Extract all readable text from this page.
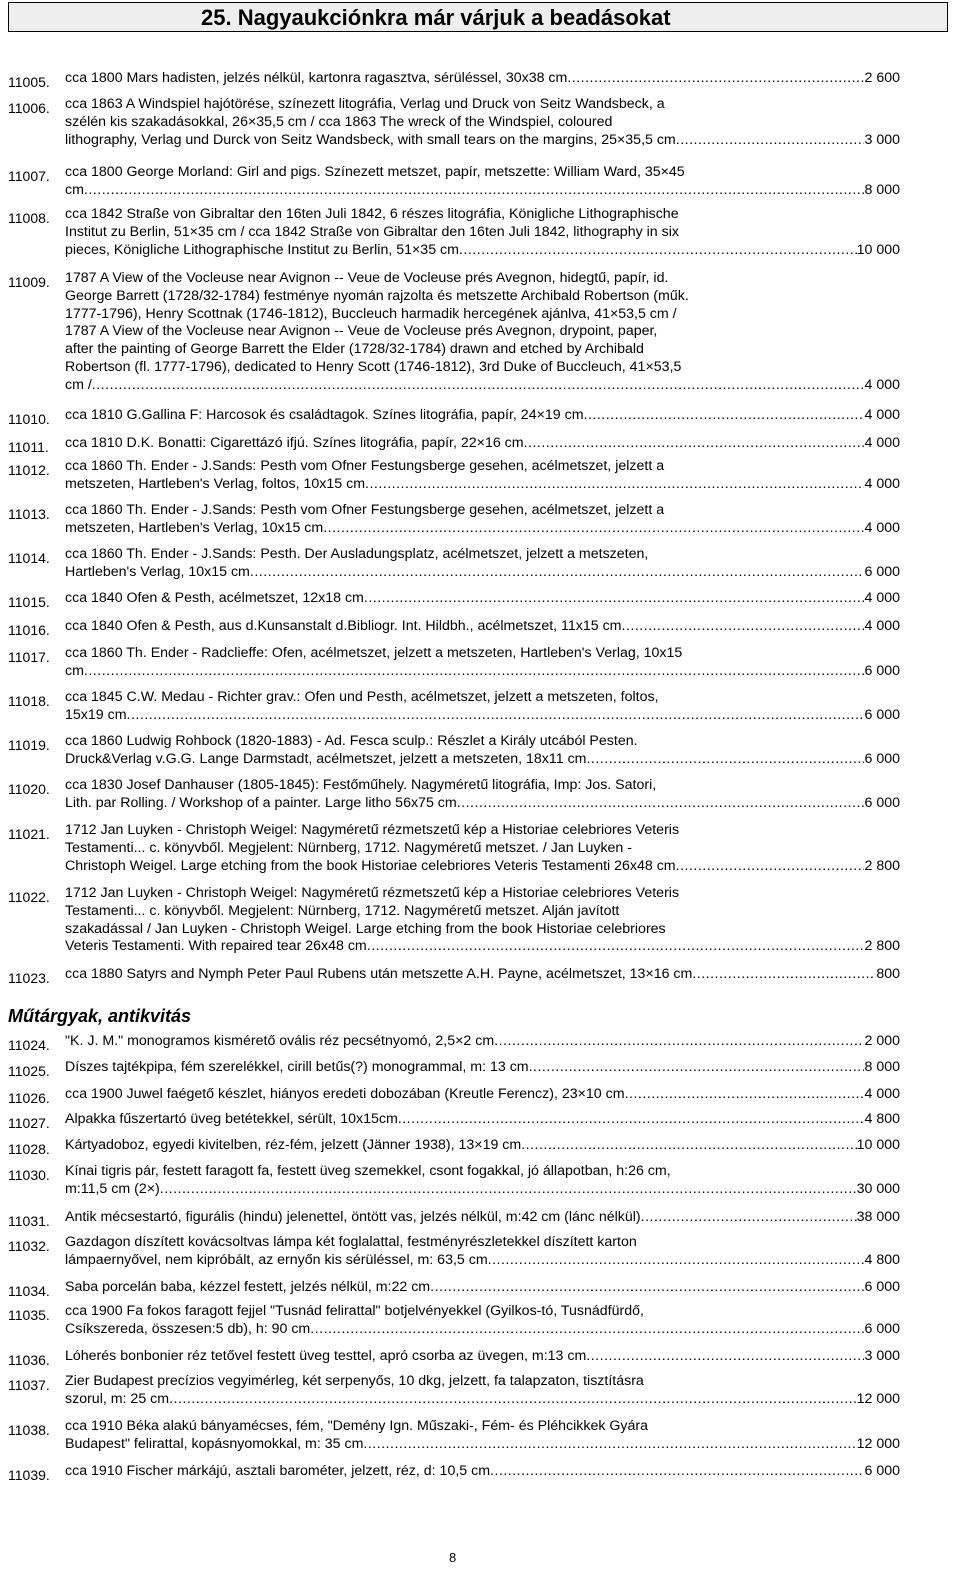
25. Nagyaukciónkra már várjuk a beadásokat
11005.	cca 1800 Mars hadisten, jelzés nélkül, kartonra ragasztva, sérüléssel, 30x38 cm .....	2 600
11006.	cca 1863 A Windspiel hajótörése, színezett litográfia, Verlag und Druck von Seitz Wandsbeck, a
szélén kis szakadásokkal, 26×35,5 cm / cca 1863 The wreck of the Windspiel, coloured
lithography, Verlag und Durck von Seitz Wandsbeck, with small tears on the margins, 25×35,5 cm .....	3 000
11007.	cca 1800 George Morland: Girl and pigs. Színezett metszet, papír, metszette: William Ward, 35×45
cm .....	8 000
11008.	cca 1842 Straße von Gibraltar den 16ten Juli 1842, 6 részes litográfia, Königliche Lithographische
Institut zu Berlin, 51×35 cm / cca 1842 Straße von Gibraltar den 16ten Juli 1842, lithography in six
pieces, Königliche Lithographische Institut zu Berlin, 51×35 cm .....	10 000
11009.	1787 A View of the Vocleuse near Avignon -- Veue de Vocleuse prés Avegnon, hidegtű, papír, id.
George Barrett (1728/32-1784) festménye nyomán rajzolta és metszette Archibald Robertson (műk.
1777-1796), Henry Scottnak (1746-1812), Buccleuch harmadik hercegének ajánlva, 41×53,5 cm /
1787 A View of the Vocleuse near Avignon -- Veue de Vocleuse prés Avegnon, drypoint, paper,
after the painting of George Barrett the Elder (1728/32-1784) drawn and etched by Archibald
Robertson (fl. 1777-1796), dedicated to Henry Scott (1746-1812), 3rd Duke of Buccleuch, 41×53,5
cm / .....	4 000
11010.	cca 1810 G.Gallina F: Harcosok és családtagok. Színes litográfia, papír, 24×19 cm .....	4 000
11011.	cca 1810 D.K. Bonatti: Cigarettázó ifjú. Színes litográfia, papír, 22×16 cm .....	4 000
11012.	cca 1860 Th. Ender - J.Sands: Pesth vom Ofner Festungsberge gesehen, acélmetszet, jelzett a
metszeten, Hartleben's Verlag, foltos, 10x15 cm .....	4 000
11013.	cca 1860 Th. Ender - J.Sands: Pesth vom Ofner Festungsberge gesehen, acélmetszet, jelzett a
metszeten, Hartleben's Verlag, 10x15 cm .....	4 000
11014.	cca 1860 Th. Ender - J.Sands: Pesth. Der Ausladungsplatz, acélmetszet, jelzett a metszeten,
Hartleben's Verlag, 10x15 cm .....	6 000
11015.	cca 1840 Ofen & Pesth, acélmetszet, 12x18 cm .....	4 000
11016.	cca 1840 Ofen & Pesth, aus d.Kunsanstalt d.Bibliogr. Int. Hildbh., acélmetszet, 11x15 cm .....	4 000
11017.	cca 1860 Th. Ender - Radclieffe: Ofen, acélmetszet, jelzett a metszeten, Hartleben's Verlag, 10x15
cm .....	6 000
11018.	cca 1845 C.W. Medau - Richter grav.: Ofen und Pesth, acélmetszet, jelzett a metszeten, foltos,
15x19 cm .....	6 000
11019.	cca 1860 Ludwig Rohbock (1820-1883) - Ad. Fesca sculp.: Részlet a Király utcából Pesten.
Druck&Verlag v.G.G. Lange Darmstadt, acélmetszet, jelzett a metszeten, 18x11 cm .....	6 000
11020.	cca 1830 Josef Danhauser (1805-1845): Festőműhely. Nagyméretű litográfia, Imp: Jos. Satori,
Lith. par Rolling. / Workshop of a painter. Large litho 56x75 cm .....	6 000
11021.	1712 Jan Luyken - Christoph Weigel: Nagyméretű rézmetszetű kép a Historiae celebriores Veteris
Testamenti... c. könyvből. Megjelent: Nürnberg, 1712. Nagyméretű metszet. / Jan Luyken -
Christoph Weigel. Large etching from the book Historiae celebriores Veteris Testamenti 26x48 cm .....	2 800
11022.	1712 Jan Luyken - Christoph Weigel: Nagyméretű rézmetszetű kép a Historiae celebriores Veteris
Testamenti... c. könyvből. Megjelent: Nürnberg, 1712. Nagyméretű metszet. Alján javított
szakadással / Jan Luyken - Christoph Weigel. Large etching from the book Historiae celebriores
Veteris Testamenti. With repaired tear 26x48 cm .....	2 800
11023.	cca 1880 Satyrs and Nymph Peter Paul Rubens után metszette A.H. Payne, acélmetszet, 13×16 cm .....	800
Műtárgyak, antikvitás
11024.	"K. J. M." monogramos kismérető ovális réz pecsétnyomó, 2,5×2 cm .....	2 000
11025.	Díszes tajtékpipa, fém szerelékkel, cirill betűs(?) monogrammal, m: 13 cm .....	8 000
11026.	cca 1900 Juwel faégető készlet, hiányos eredeti dobozában (Kreutle Ferencz), 23×10 cm .....	4 000
11027.	Alpakka fűszertartó üveg betétekkel, sérült, 10x15cm .....	4 800
11028.	Kártyadoboz, egyedi kivitelben, réz-fém, jelzett (Jänner 1938), 13×19 cm .....	10 000
11030.	Kínai tigris pár, festett faragott fa, festett üveg szemekkel, csont fogakkal, jó állapotban, h:26 cm,
m:11,5 cm (2×) .....	30 000
11031.	Antik mécsestartó, figurális (hindu) jelenettel, öntött vas, jelzés nélkül, m:42 cm (lánc nélkül) .....	38 000
11032.	Gazdagon díszített kovácsoltvas lámpa két foglalattal, festményrészletekkel díszített karton
lámpaernyővel, nem kipróbált, az ernyőn kis sérüléssel, m: 63,5 cm .....	4 800
11034.	Saba porcelán baba, kézzel festett, jelzés nélkül, m:22 cm .....	6 000
11035.	cca 1900 Fa fokos faragott fejjel "Tusnád felirattal" botjelvényekkel (Gyilkos-tó, Tusnádfürdő,
Csíkszereda, összesen:5 db), h: 90 cm .....	6 000
11036.	Lóherés bonbonier réz tetővel festett üveg testtel, apró csorba az üvegen, m:13 cm .....	3 000
11037.	Zier Budapest precízios vegyimérleg, két serpenyős, 10 dkg, jelzett, fa talapzaton, tisztításra
szorul, m: 25 cm .....	12 000
11038.	cca 1910 Béka alakú bányamécses, fém, "Demény Ign. Műszaki-, Fém- és Pléhcikkek Gyára
Budapest" felirattal, kopásnyomokkal, m: 35 cm .....	12 000
11039.	cca 1910 Fischer márkájú, asztali barométer, jelzett, réz, d: 10,5 cm .....	6 000
8
